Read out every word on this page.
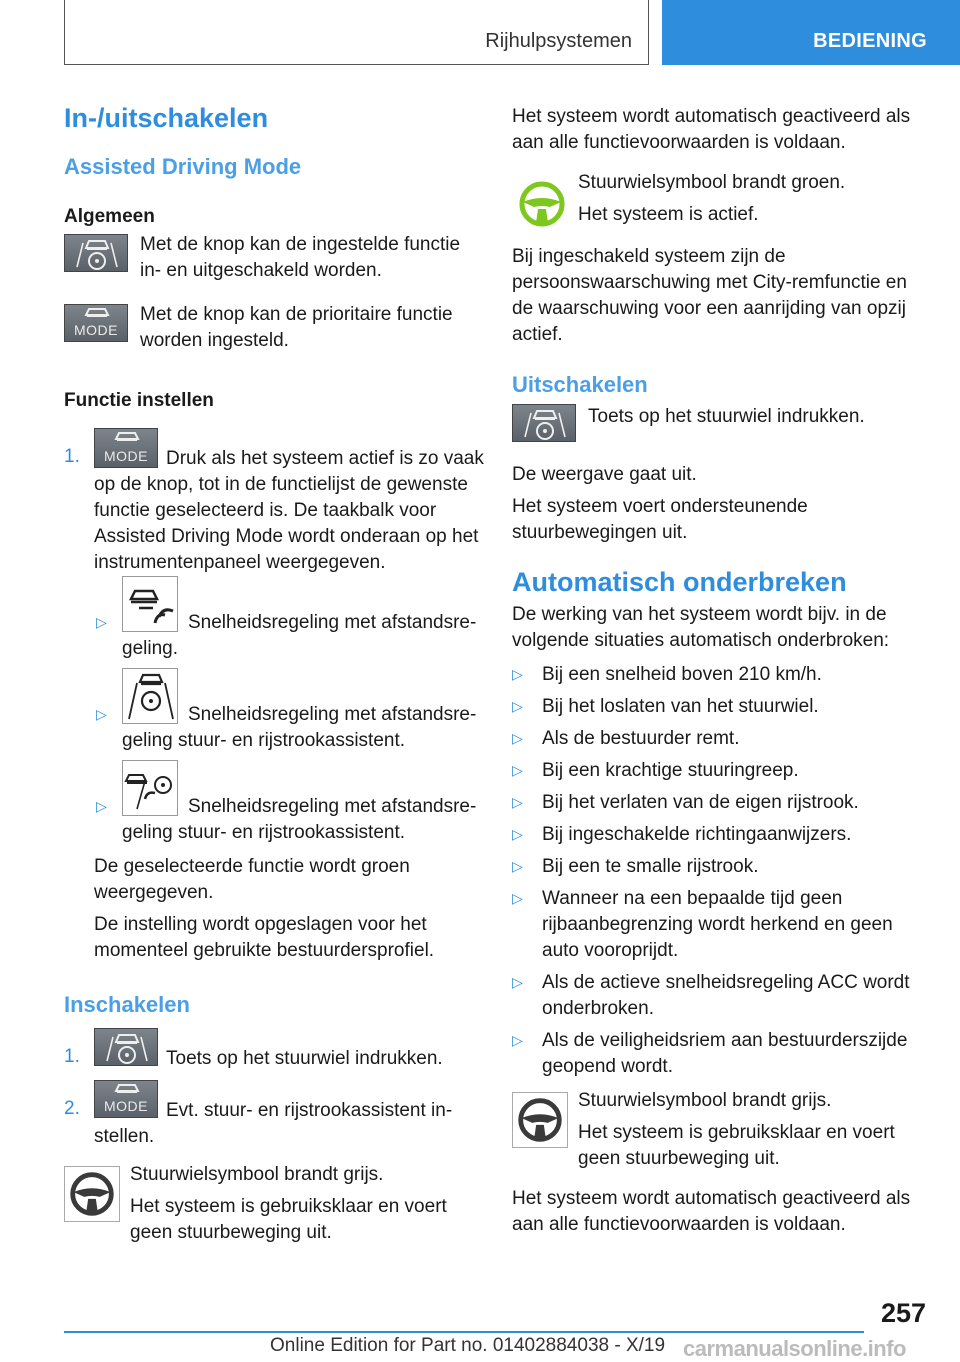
Rijhulpsystemen	BEDIENING
In-/uitschakelen
Assisted Driving Mode
Algemeen
Met de knop kan de ingestelde functie in- en uitgeschakeld worden.
MODE
Met de knop kan de prioritaire functie worden ingesteld.
Functie instellen
1.	MODE Druk als het systeem actief is zo vaak op de knop, tot in de functielijst de gewenste functie geselecteerd is. De taakbalk voor Assisted Driving Mode wordt onderaan op het instrumentenpaneel weergegeven.
▷	Snelheidsregeling met afstandsre-
geling.
▷	Snelheidsregeling met afstandsre-
geling stuur- en rijstrookassistent.
▷	Snelheidsregeling met afstandsre-
geling stuur- en rijstrookassistent.
De geselecteerde functie wordt groen weergegeven.
De instelling wordt opgeslagen voor het momenteel gebruikte bestuurdersprofiel.
Inschakelen
1.	Toets op het stuurwiel indrukken.
2.	MODE Evt. stuur- en rijstrookassistent in-
stellen.
Stuurwielsymbool brandt grijs.
Het systeem is gebruiksklaar en voert geen stuurbeweging uit.
Het systeem wordt automatisch geactiveerd als aan alle functievoorwaarden is voldaan.
Stuurwielsymbool brandt groen.
Het systeem is actief.
Bij ingeschakeld systeem zijn de persoonswaarschuwing met City-remfunctie en de waarschuwing voor een aanrijding van opzij actief.
Uitschakelen
Toets op het stuurwiel indrukken.
De weergave gaat uit.
Het systeem voert ondersteunende stuurbewegingen uit.
Automatisch onderbreken
De werking van het systeem wordt bijv. in de volgende situaties automatisch onderbroken:
▷ Bij een snelheid boven 210 km/h.
▷ Bij het loslaten van het stuurwiel.
▷ Als de bestuurder remt.
▷ Bij een krachtige stuuringreep.
▷ Bij het verlaten van de eigen rijstrook.
▷ Bij ingeschakelde richtingaanwijzers.
▷ Bij een te smalle rijstrook.
▷ Wanneer na een bepaalde tijd geen rijbaanbegrenzing wordt herkend en geen auto vooroprijdt.
▷ Als de actieve snelheidsregeling ACC wordt onderbroken.
▷ Als de veiligheidsriem aan bestuurderszijde geopend wordt.
Stuurwielsymbool brandt grijs.
Het systeem is gebruiksklaar en voert geen stuurbeweging uit.
Het systeem wordt automatisch geactiveerd als aan alle functievoorwaarden is voldaan.
257
Online Edition for Part no. 01402884038 - X/19 carmanualsonline.info
